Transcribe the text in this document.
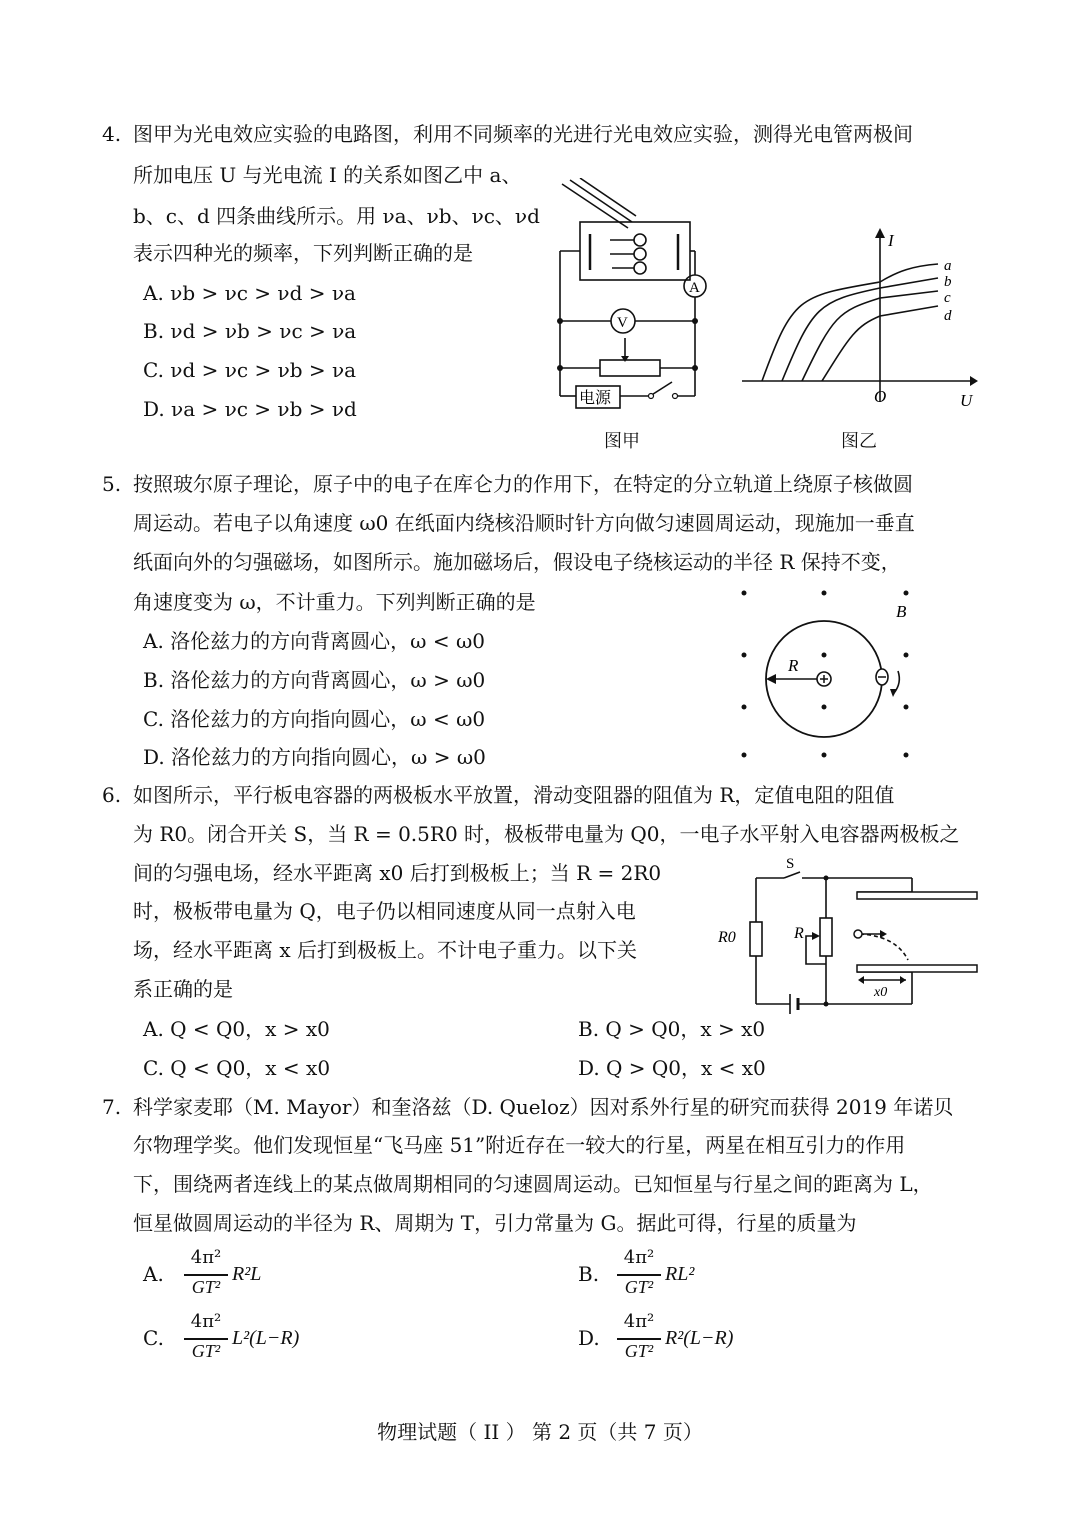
4. 图甲为光电效应实验的电路图，利用不同频率的光进行光电效应实验，测得光电管两极间
所加电压 U 与光电流 I 的关系如图乙中 a、
b、c、d 四条曲线所示。用 νa、νb、νc、νd
表示四种光的频率，下列判断正确的是
A. νb > νc > νd > νa
B. νd > νb > νc > νa
C. νd > νc > νb > νa
D. νa > νc > νb > νd
A
V
电源
图甲
I
U
O
a
b
c
d
图乙
5. 按照玻尔原子理论，原子中的电子在库仑力的作用下，在特定的分立轨道上绕原子核做圆
周运动。若电子以角速度 ω0 在纸面内绕核沿顺时针方向做匀速圆周运动，现施加一垂直
纸面向外的匀强磁场，如图所示。施加磁场后，假设电子绕核运动的半径 R 保持不变，
角速度变为 ω，不计重力。下列判断正确的是
A. 洛伦兹力的方向背离圆心，ω < ω0
B. 洛伦兹力的方向背离圆心，ω > ω0
C. 洛伦兹力的方向指向圆心，ω < ω0
D. 洛伦兹力的方向指向圆心，ω > ω0
B
R
6. 如图所示，平行板电容器的两极板水平放置，滑动变阻器的阻值为 R，定值电阻的阻值
为 R0。闭合开关 S，当 R = 0.5R0 时，极板带电量为 Q0，一电子水平射入电容器两极板之
间的匀强电场，经水平距离 x0 后打到极板上；当 R = 2R0
时，极板带电量为 Q，电子仍以相同速度从同一点射入电
场，经水平距离 x 后打到极板上。不计电子重力。以下关
系正确的是
A. Q < Q0，x > x0	B. Q > Q0，x > x0
C. Q < Q0，x < x0	D. Q > Q0，x < x0
S
R0	R
x0
7. 科学家麦耶（M. Mayor）和奎洛兹（D. Queloz）因对系外行星的研究而获得 2019 年诺贝
尔物理学奖。他们发现恒星“飞马座 51”附近存在一较大的行星，两星在相互引力的作用
下，围绕两者连线上的某点做周期相同的匀速圆周运动。已知恒星与行星之间的距离为 L，
恒星做圆周运动的半径为 R、周期为 T，引力常量为 G。据此可得，行星的质量为
A.
4π²
GT²
R²L	B.
4π²
GT²
RL²
C.
4π²
GT²
L²(L−R)	D.
4π²
GT²
R²(L−R)
物理试题（ II ） 第 2 页（共 7 页）
